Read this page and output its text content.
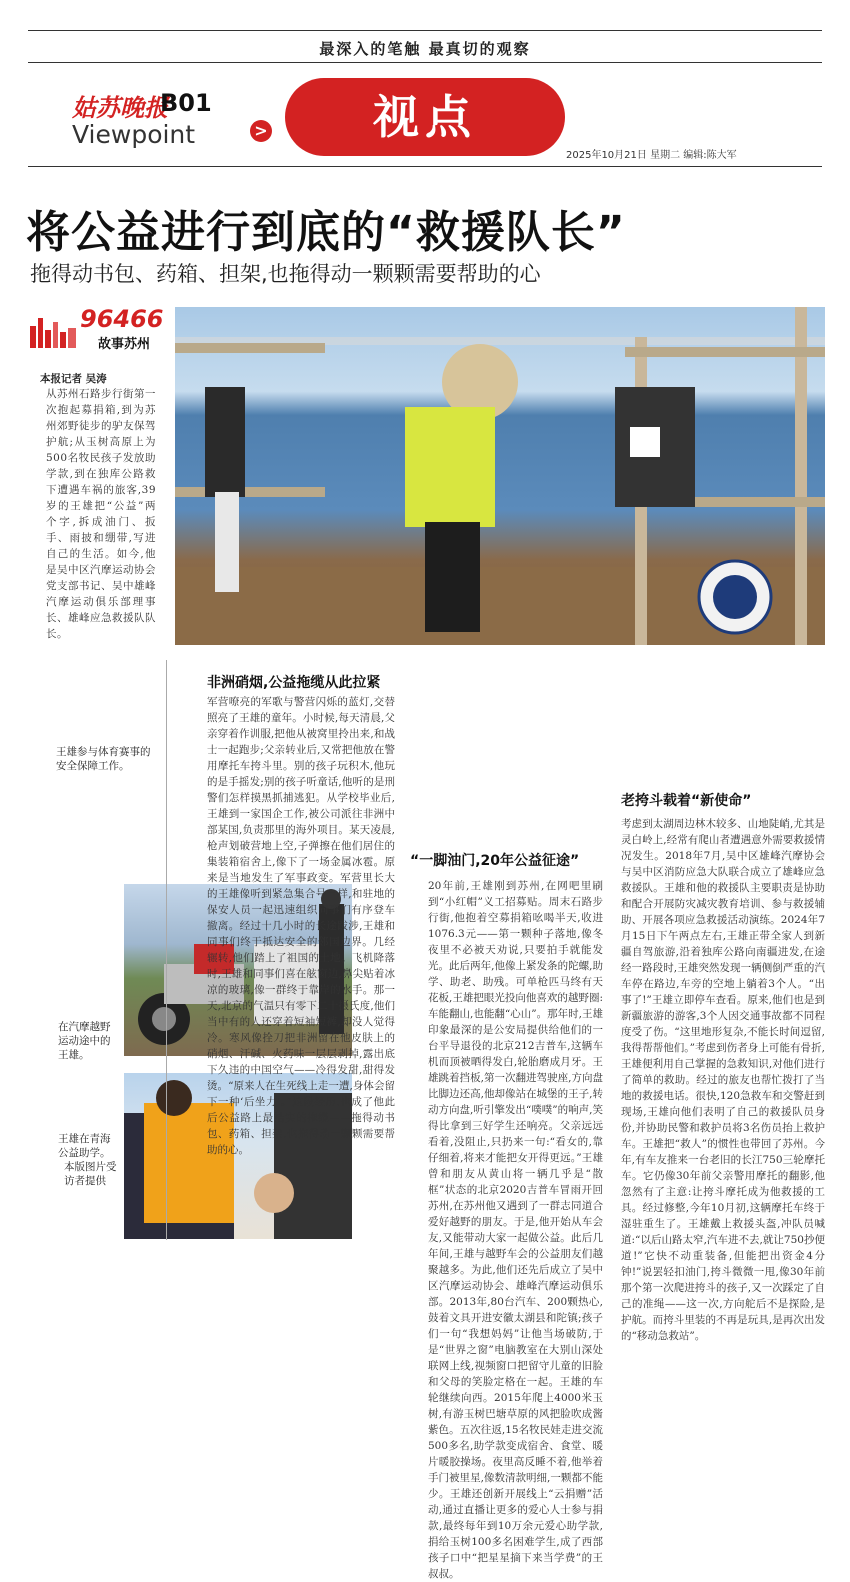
最深入的笔触 最真切的观察
姑苏晚报
B01
Viewpoint	>	视点
2025年10月21日 星期二 编辑:陈大军
将公益进行到底的“救援队长”
拖得动书包、药箱、担架,也拖得动一颗颗需要帮助的心
96466
故事苏州
本报记者 吴涛
从苏州石路步行街第一次抱起募捐箱,到为苏州郊野徒步的驴友保驾护航;从玉树高原上为500名牧民孩子发放助学款,到在独库公路救下遭遇车祸的旅客,39岁的王雄把“公益”两个字,拆成油门、扳手、雨披和绷带,写进自己的生活。如今,他是吴中区汽摩运动协会党支部书记、吴中雄峰汽摩运动俱乐部理事长、雄峰应急救援队队长。
王雄参与体育赛事的安全保障工作。
在汽摩越野运动途中的王雄。
王雄在青海公益助学。
本版图片受访者提供
非洲硝烟,公益拖缆从此拉紧
军营嘹亮的军歌与警营闪烁的蓝灯,交替照亮了王雄的童年。小时候,每天清晨,父亲穿着作训服,把他从被窝里拎出来,和战士一起跑步;父亲转业后,又常把他放在警用摩托车挎斗里。别的孩子玩积木,他玩的是手摇发;别的孩子听童话,他听的是刑警们怎样摸黑抓捕逃犯。从学校毕业后,王雄到一家国企工作,被公司派往非洲中部某国,负责那里的海外项目。某天凌晨,枪声划破营地上空,子弹擦在他们居住的集装箱宿舍上,像下了一场金属冰雹。原来是当地发生了军事政变。军营里长大的王雄像听到紧急集合号一样,和驻地的保安人员一起迅速组织同事们有序登车撤离。经过十几小时的长途跋涉,王雄和同事们终于抵达安全的邻国边界。几经辗转,他们踏上了祖国的土地。飞机降落时,王雄和同事们喜在舷窗边,鼻尖贴着冰凉的玻璃,像一群终于靠岸的水手。那一天,北京的气温只有零下二十摄氏度,他们当中有的人还穿着短袖短裤,却没人觉得冷。寒风像拴刀把非洲留在他皮肤上的硝烟、汗碱、火药味一层层剥掉,露出底下久违的中国空气——冷得发甜,甜得发烫。“原来人在生死线上走一遭,身体会留下一种‘后坐力’。”这段经历,也成了他此后公益路上最结实的拖缆——拖得动书包、药箱、担架,也拖得动一颗颗需要帮助的心。
“一脚油门,20年公益征途”
20年前,王雄刚到苏州,在网吧里刷到“小红帽”义工招募贴。周末石路步行街,他抱着空募捐箱吆喝半天,收进1076.3元——第一颗种子落地,像冬夜里不必被天劝说,只要拍手就能发光。此后两年,他像上紧发条的陀螺,助学、助老、助残。可单枪匹马终有天花板,王雄把眼光投向他喜欢的越野圈:车能翻山,也能翻“心山”。那年时,王雄印象最深的是公安局提供给他们的一台平导退役的北京212吉普车,这辆车机而顶被晒得发白,轮胎磨成月牙。王雄跳着挡板,第一次翻进驾驶座,方向盘比脚边还高,他却像站在城堡的王子,转动方向盘,听引擎发出“噗噗”的响声,笑得比拿到三好学生还响亮。父亲远远看着,没阻止,只扔来一句:“看女的,靠仔细着,将来才能把女开得更远。”王雄曾和朋友从黄山将一辆几乎是“散框”状态的北京2020吉普车冒雨开回苏州,在苏州他又遇到了一群志同道合爱好越野的朋友。于是,他开始从车会友,又能带动大家一起做公益。此后几年间,王雄与越野车会的公益朋友们越聚越多。为此,他们还先后成立了吴中区汽摩运动协会、雄峰汽摩运动俱乐部。2013年,80台汽车、200颗热心,鼓着文具开进安徽太湖县和陀镇;孩子们一句“我想妈妈”让他当场破防,于是“世界之窗”电脑教室在大别山深处联网上线,视频窗口把留守儿童的旧脸和父母的笑脸定格在一起。王雄的车轮继续向西。2015年爬上4000米玉树,有游玉树巴塘草原的风把脸吹成酱紫色。五次往返,15名牧民娃走进交流500多名,助学款变成宿舍、食堂、暖片暖胶操场。夜里高反睡不着,他举着手门被里星,像数清款明细,一颗都不能少。王雄还创新开展线上“云捐赠”活动,通过直播让更多的爱心人士参与捐款,最终每年到10万余元爱心助学款,捐给玉树100多名困难学生,成了西部孩子口中“把星星摘下来当学费”的王叔叔。
老挎斗载着“新使命”
考虑到太湖周边林木较多、山地陡峭,尤其是灵白岭上,经常有爬山者遭遇意外需要救援情况发生。2018年7月,吴中区雄峰汽摩协会与吴中区消防应急大队联合成立了雄峰应急救援队。王雄和他的救援队主要职责是协助和配合开展防灾减灾教育培训、参与救援辅助、开展各项应急救援活动演练。2024年7月15日下午两点左右,王雄正带全家人到新疆自驾旅游,沿着独库公路向南疆进发,在途经一路段时,王雄突然发现一辆侧倒严重的汽车停在路边,车旁的空地上躺着3个人。“出事了!”王雄立即停车查看。原来,他们也是到新疆旅游的游客,3个人因交通事故都不同程度受了伤。“这里地形复杂,不能长时间逗留,我得帮帮他们。”考虑到伤者身上可能有骨折,王雄便利用自己掌握的急救知识,对他们进行了简单的救助。经过的旅友也帮忙拨打了当地的救援电话。很快,120急救车和交警赶到现场,王雄向他们表明了自己的救援队员身份,并协助民警和救护员将3名伤员抬上救护车。王雄把“救人”的惯性也带回了苏州。今年,有车友推来一台老旧的长江750三轮摩托车。它仍像30年前父亲警用摩托的翻影,他忽然有了主意:让挎斗摩托成为他救援的工具。经过修整,今年10月初,这辆摩托车终于湿驻重生了。王雄戴上救援头盔,冲队员喊道:“以后山路太窄,汽车进不去,就让750抄便道!”它快不动重装备,但能把出资金4分钟!”说罢轻扣油门,挎斗微微一甩,像30年前那个第一次爬进挎斗的孩子,又一次踩定了自己的准绳——这一次,方向舵后不是探险,是护航。而挎斗里装的不再是玩具,是再次出发的“移动急救站”。
